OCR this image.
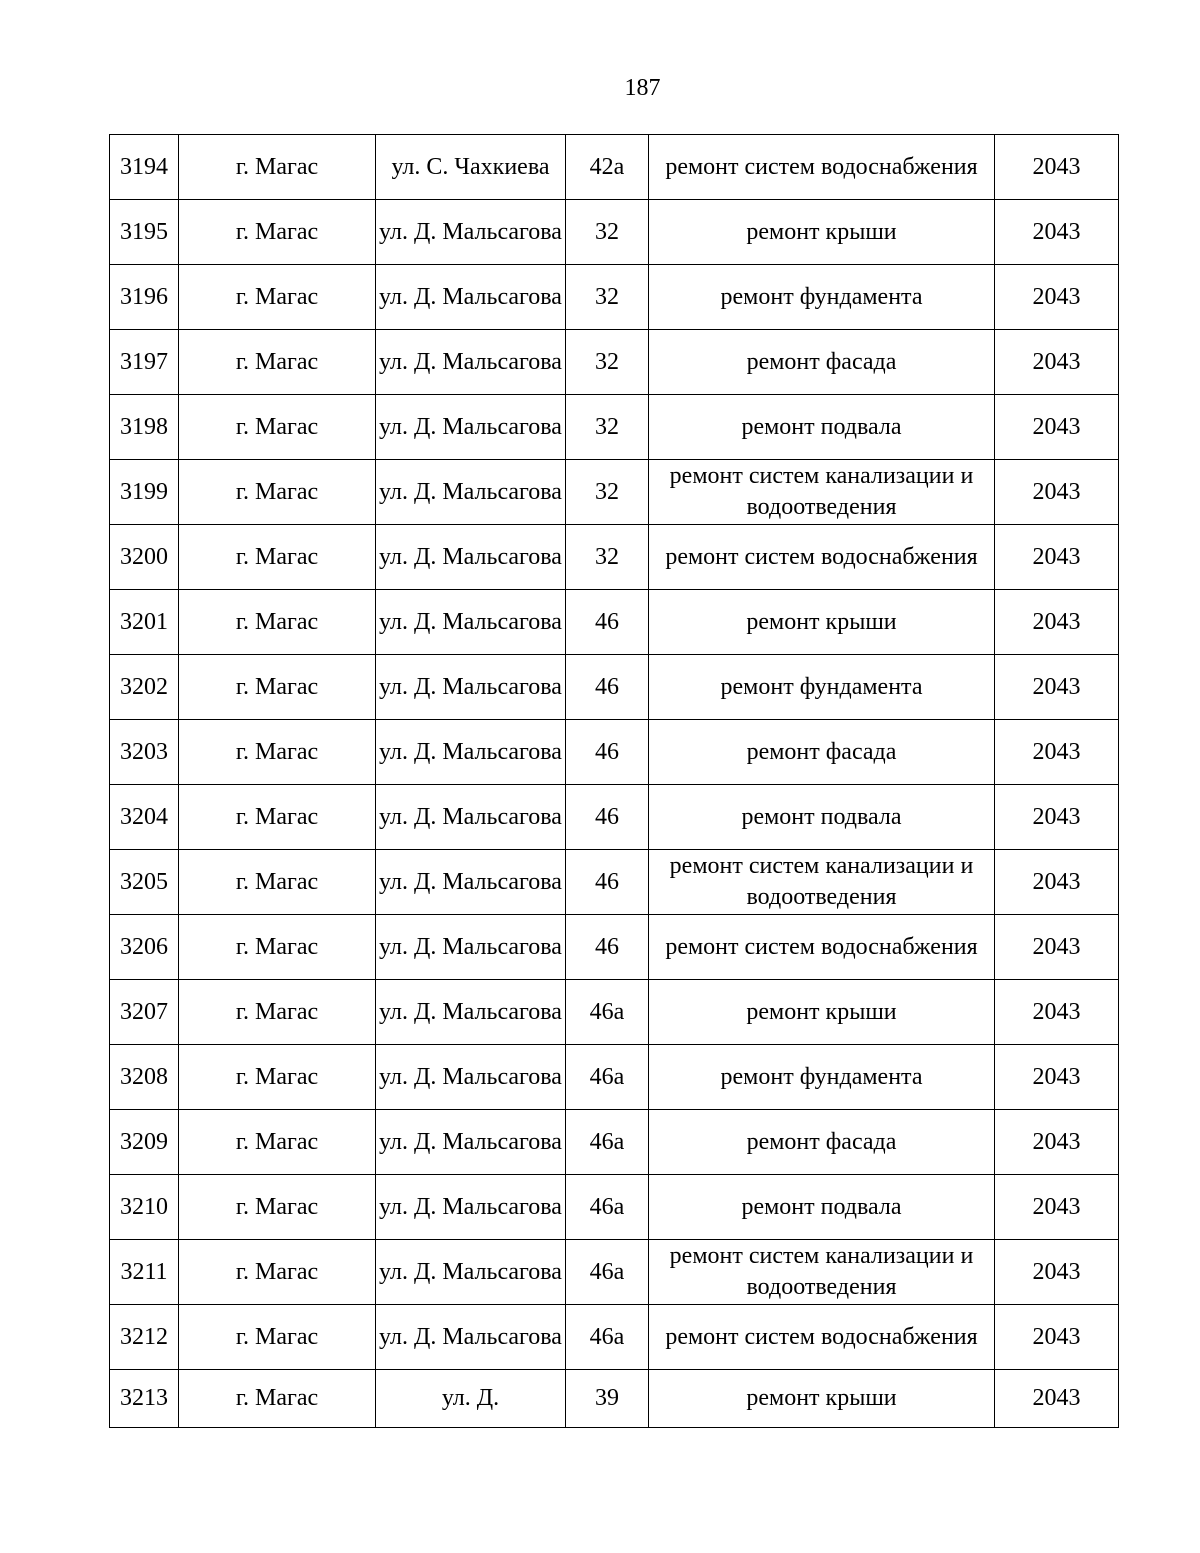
187
3194	г. Магас	ул. С. Чахкиева	42а	ремонт систем водоснабжения	2043
3195	г. Магас	ул. Д. Мальсагова	32	ремонт крыши	2043
3196	г. Магас	ул. Д. Мальсагова	32	ремонт фундамента	2043
3197	г. Магас	ул. Д. Мальсагова	32	ремонт фасада	2043
3198	г. Магас	ул. Д. Мальсагова	32	ремонт подвала	2043
3199	г. Магас	ул. Д. Мальсагова	32	ремонт систем канализации и водоотведения	2043
3200	г. Магас	ул. Д. Мальсагова	32	ремонт систем водоснабжения	2043
3201	г. Магас	ул. Д. Мальсагова	46	ремонт крыши	2043
3202	г. Магас	ул. Д. Мальсагова	46	ремонт фундамента	2043
3203	г. Магас	ул. Д. Мальсагова	46	ремонт фасада	2043
3204	г. Магас	ул. Д. Мальсагова	46	ремонт подвала	2043
3205	г. Магас	ул. Д. Мальсагова	46	ремонт систем канализации и водоотведения	2043
3206	г. Магас	ул. Д. Мальсагова	46	ремонт систем водоснабжения	2043
3207	г. Магас	ул. Д. Мальсагова	46а	ремонт крыши	2043
3208	г. Магас	ул. Д. Мальсагова	46а	ремонт фундамента	2043
3209	г. Магас	ул. Д. Мальсагова	46а	ремонт фасада	2043
3210	г. Магас	ул. Д. Мальсагова	46а	ремонт подвала	2043
3211	г. Магас	ул. Д. Мальсагова	46а	ремонт систем канализации и водоотведения	2043
3212	г. Магас	ул. Д. Мальсагова	46а	ремонт систем водоснабжения	2043
3213	г. Магас	ул. Д.	39	ремонт крыши	2043
